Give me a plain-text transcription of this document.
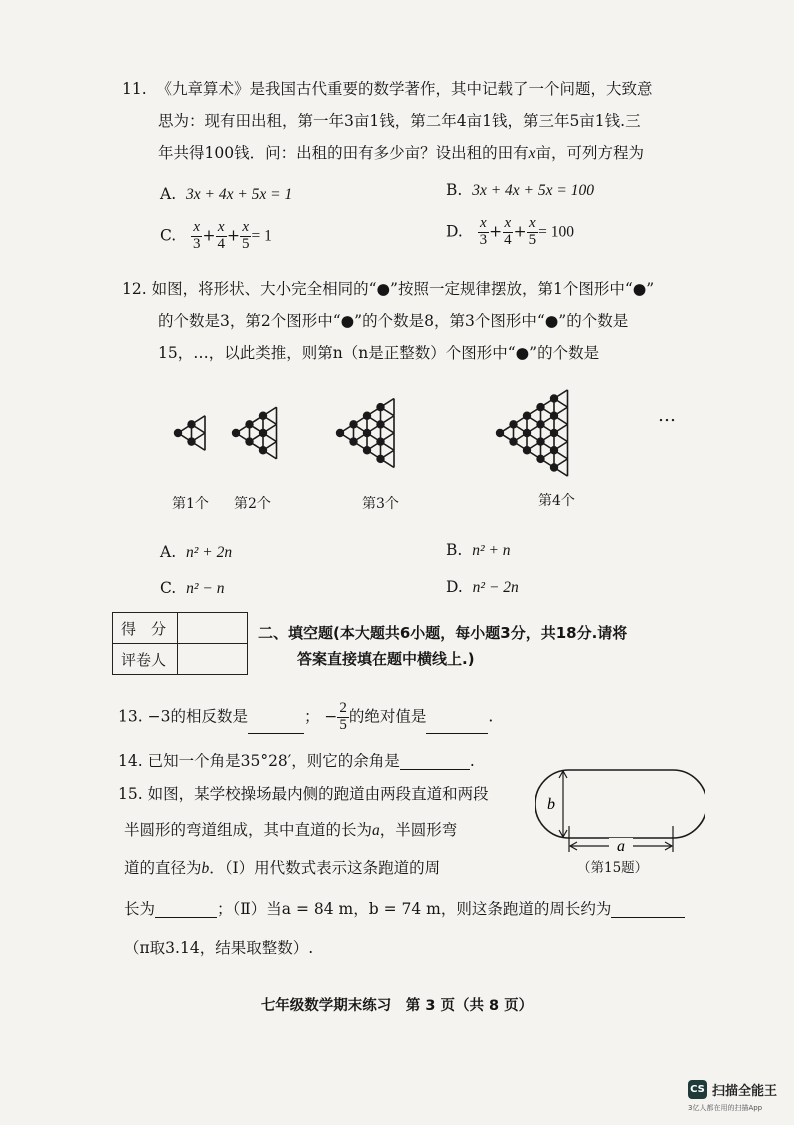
11. 《九章算术》是我国古代重要的数学著作，其中记载了一个问题，大致意
思为：现有田出租，第一年3亩1钱，第二年4亩1钱，第三年5亩1钱.三
年共得100钱．问：出租的田有多少亩？设出租的田有x亩，可列方程为
A. 3x + 4x + 5x = 1	B. 3x + 4x + 5x = 100
C. $\frac{x}{3} + \frac{x}{4} + \frac{x}{5} = 1$	D. $\frac{x}{3} + \frac{x}{4} + \frac{x}{5} = 100$
12. 如图，将形状、大小完全相同的“●”按照一定规律摆放，第1个图形中“●”
的个数是3，第2个图形中“●”的个数是8，第3个图形中“●”的个数是
15，…，以此类推，则第n（n是正整数）个图形中“●”的个数是
…
第1个 第2个	第3个	第4个
A. n² + 2n	B. n² + n
C. n² − n	D. n² − 2n
得　分	
评卷人	
二、填空题(本大题共6小题，每小题3分，共18分.请将
答案直接填在题中横线上.)
13. −3的相反数是	； − $\frac{2}{5}$ 的绝对值是	.
14. 已知一个角是35°28′，则它的余角是	.
15. 如图，某学校操场最内侧的跑道由两段直道和两段
半圆形的弯道组成，其中直道的长为a，半圆形弯
道的直径为b．（Ⅰ）用代数式表示这条跑道的周
长为	；（Ⅱ）当a = 84 m，b = 74 m，则这条跑道的周长约为
（π取3.14，结果取整数）.
a
b
（第15题）
七年级数学期末练习　第 3 页（共 8 页）
CS 扫描全能王
3亿人都在用的扫描App
